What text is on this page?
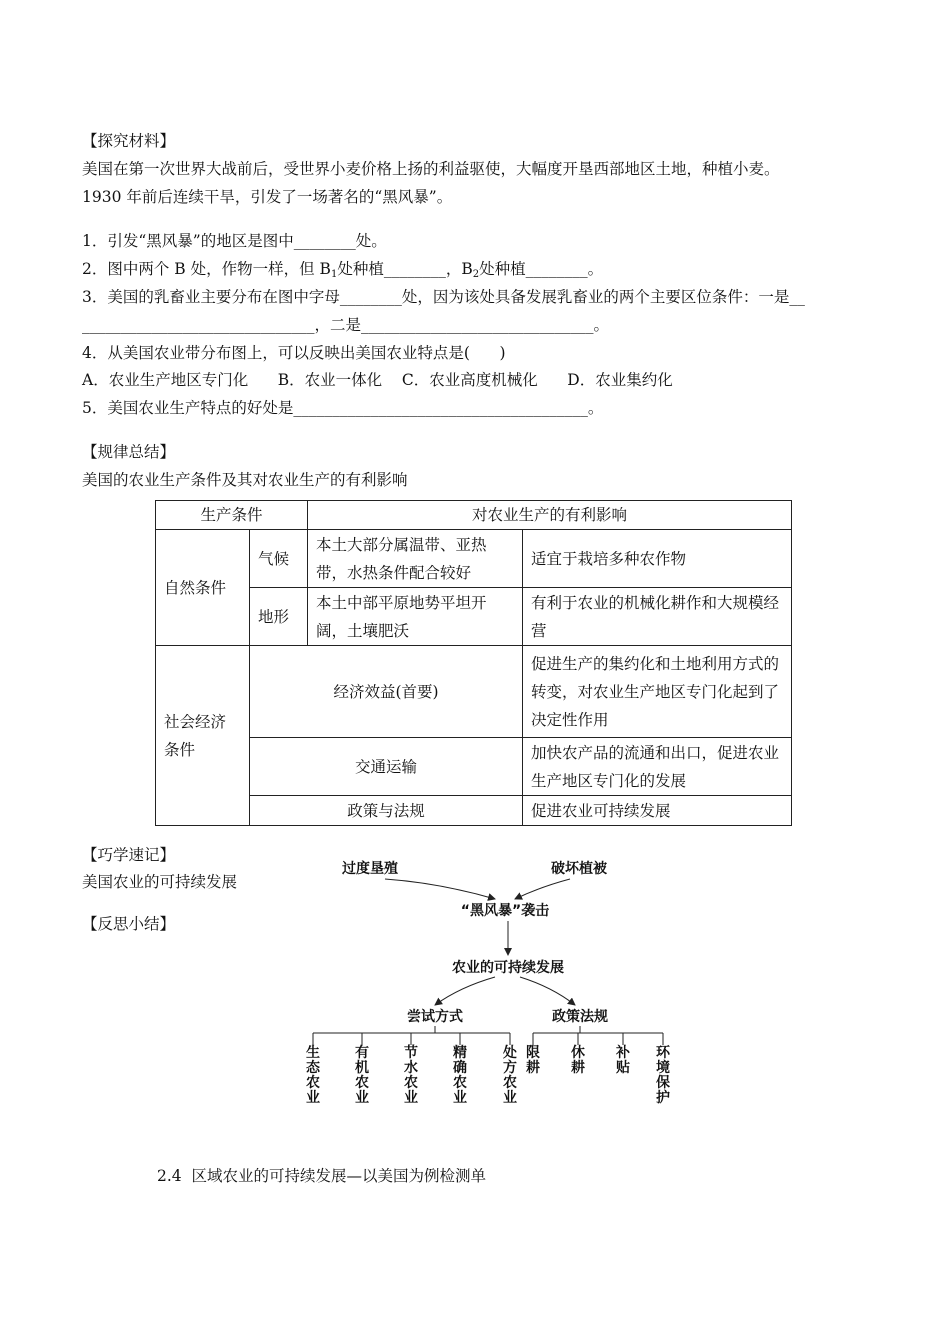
【探究材料】
美国在第一次世界大战前后，受世界小麦价格上扬的利益驱使，大幅度开垦西部地区土地，种植小麦。
1930 年前后连续干旱，引发了一场著名的“黑风暴”。
1．引发“黑风暴”的地区是图中________处。
2．图中两个 B 处，作物一样，但 $B_1$处种植________，$B_2$处种植________。
3．美国的乳畜业主要分布在图中字母________处，因为该处具备发展乳畜业的两个主要区位条件：一是__
______________________________，二是______________________________。
4．从美国农业带分布图上，可以反映出美国农业特点是(      )
A．农业生产地区专门化      B．农业一体化    C．农业高度机械化      D．农业集约化
5．美国农业生产特点的好处是______________________________________。
【规律总结】
美国的农业生产条件及其对农业生产的有利影响
生产条件		对农业生产的有利影响	
自然条件	气候	本土大部分属温带、亚热带，水热条件配合较好	适宜于栽培多种农作物
	地形	本土中部平原地势平坦开阔，土壤肥沃	有利于农业的机械化耕作和大规模经营
社会经济条件	经济效益(首要)		促进生产的集约化和土地利用方式的转变，对农业生产地区专门化起到了决定性作用
	交通运输		加快农产品的流通和出口，促进农业生产地区专门化的发展
	政策与法规		促进农业可持续发展
【巧学速记】
美国农业的可持续发展
【反思小结】
过度垦殖	破坏植被
“黑风暴”袭击
农业的可持续发展
尝试方式	政策法规
生态农业
有机农业
节水农业
精确农业
处方农业
限耕
休耕
补贴
环境保护
2.4  区域农业的可持续发展—以美国为例检测单
